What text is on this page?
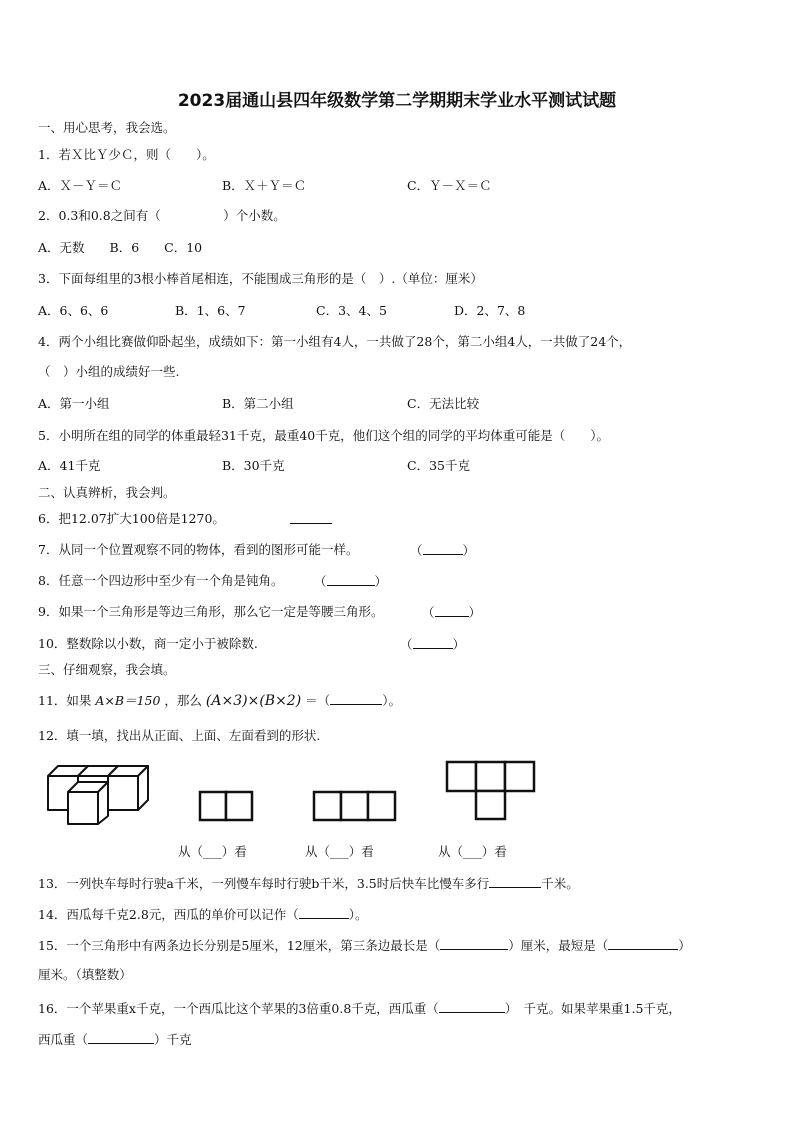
2023届通山县四年级数学第二学期期末学业水平测试试题
一、用心思考，我会选。
1．若Ｘ比Ｙ少Ｃ，则（　　）。
A．Ｘ－Ｙ＝Ｃ	B．Ｘ＋Ｙ＝Ｃ	C．Ｙ－Ｘ＝Ｃ
2．0.3和0.8之间有（　　　　　）个小数。
A．无数　　B．6　　C．10
3．下面每组里的3根小棒首尾相连，不能围成三角形的是（　）.（单位：厘米）
A．6、6、6	B．1、6、7	C．3、4、5	D．2、7、8
4．两个小组比赛做仰卧起坐，成绩如下：第一小组有4人，一共做了28个，第二小组4人，一共做了24个，
（　）小组的成绩好一些.
A．第一小组	B．第二小组	C．无法比较
5．小明所在组的同学的体重最轻31千克，最重40千克，他们这个组的同学的平均体重可能是（　　）。
A．41千克	B．30千克	C．35千克
二、认真辨析，我会判。
6．把12.07扩大100倍是1270。
7．从同一个位置观察不同的物体，看到的图形可能一样。	（	）
8．任意一个四边形中至少有一个角是钝角。 （	）
9．如果一个三角形是等边三角形，那么它一定是等腰三角形。	（	）
10．整数除以小数，商一定小于被除数.	（	）
三、仔细观察，我会填。
11．如果 A×B＝150 ，那么 (A×3)×(B×2) ＝（	）。
12．填一填，找出从正面、上面、左面看到的形状.
从（___）看	从（___）看	从（___）看
13．一列快车每时行驶a千米，一列慢车每时行驶b千米，3.5时后快车比慢车多行	千米。
14．西瓜每千克2.8元，西瓜的单价可以记作（	）。
15．一个三角形中有两条边长分别是5厘米，12厘米，第三条边最长是（	）厘米，最短是（	）
厘米。（填整数）
16．一个苹果重x千克，一个西瓜比这个苹果的3倍重0.8千克，西瓜重（	）　千克。如果苹果重1.5千克，
西瓜重（	）千克
